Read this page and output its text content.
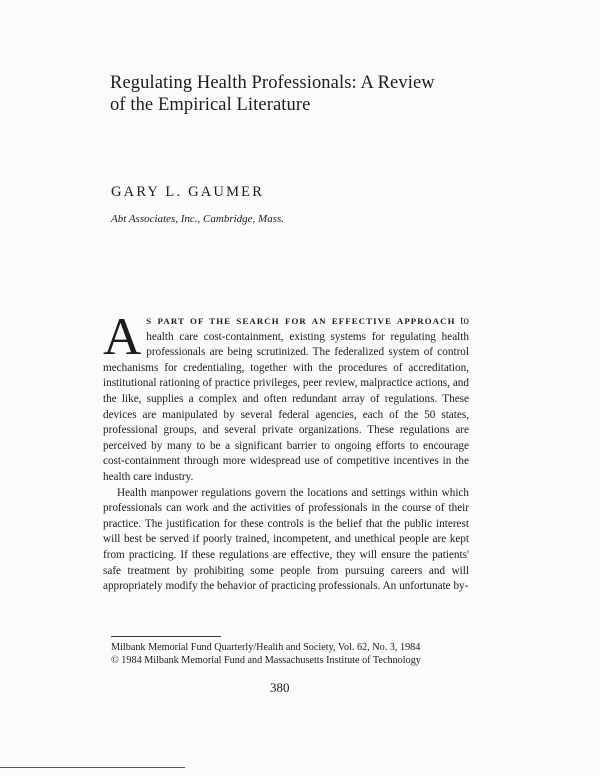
Regulating Health Professionals: A Review
of the Empirical Literature
GARY L. GAUMER
Abt Associates, Inc., Cambridge, Mass.

A S PART OF THE SEARCH FOR AN EFFECTIVE APPROACH to health care cost-containment, existing systems for regulating health professionals are being scrutinized. The federalized system of control mechanisms for credentialing, together with the procedures of accreditation, institutional rationing of practice privileges, peer review, malpractice actions, and the like, supplies a complex and often redundant array of regulations. These devices are manipulated by several federal agencies, each of the 50 states, professional groups, and several private organizations. These regulations are perceived by many to be a significant barrier to ongoing efforts to encourage cost-containment through more widespread use of competitive incentives in the health care industry.

Health manpower regulations govern the locations and settings within which professionals can work and the activities of professionals in the course of their practice. The justification for these controls is the belief that the public interest will best be served if poorly trained, incompetent, and unethical people are kept from practicing. If these regulations are effective, they will ensure the patients' safe treatment by prohibiting some people from pursuing careers and will appropriately modify the behavior of practicing professionals. An unfortunate by-

Milbank Memorial Fund Quarterly/Health and Society, Vol. 62, No. 3, 1984
© 1984 Milbank Memorial Fund and Massachusetts Institute of Technology
380
